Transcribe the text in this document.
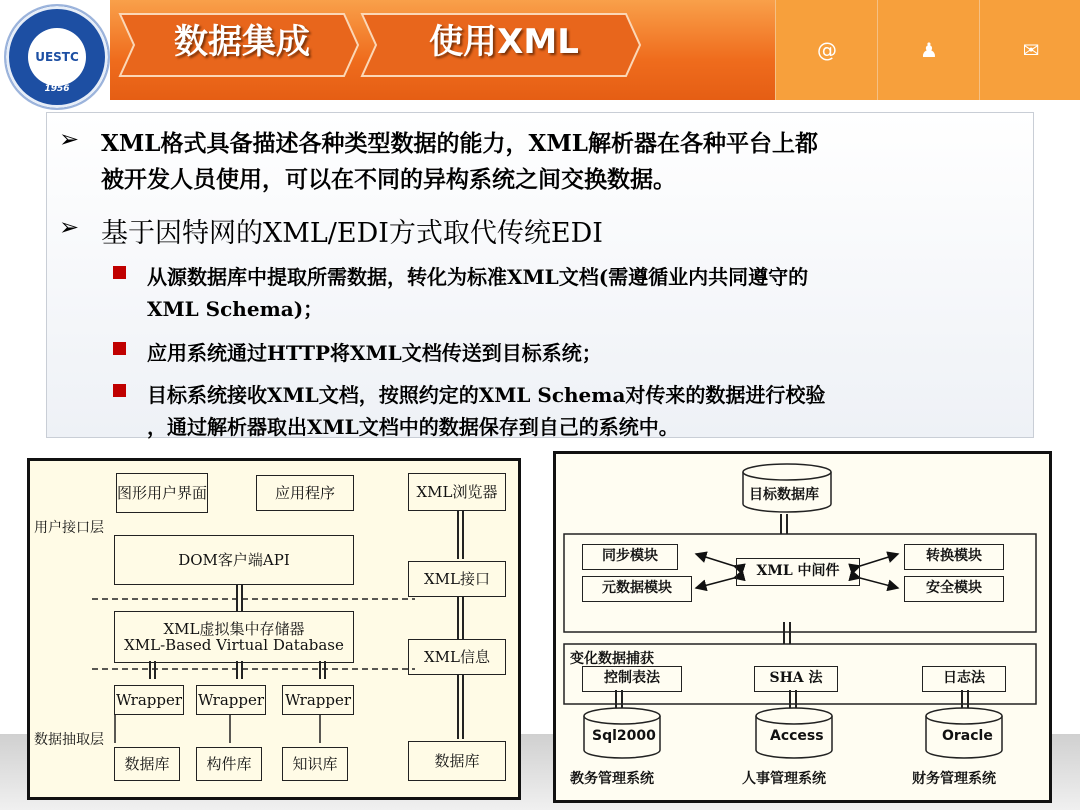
UESTC
1956
数据集成	使用XML	@	♟	✉
➢ XML格式具备描述各种类型数据的能力，XML解析器在各种平台上都
被开发人员使用，可以在不同的异构系统之间交换数据。
➢ 基于因特网的XML/EDI方式取代传统EDI
从源数据库中提取所需数据，转化为标准XML文档(需遵循业内共同遵守的
XML Schema)；
应用系统通过HTTP将XML文档传送到目标系统；
目标系统接收XML文档，按照约定的XML Schema对传来的数据进行校验
，通过解析器取出XML文档中的数据保存到自己的系统中。
图形用户界面	应用程序	XML浏览器
用户接口层
DOM客户端API
XML接口
XML虚拟集中存储器
XML-Based Virtual Database
XML信息
Wrapper Wrapper Wrapper
数据抽取层
数据库	构件库	知识库	数据库
目标数据库
同步模块
元数据模块
XML 中间件
转换模块
安全模块
变化数据捕获
控制表法	SHA 法	日志法
Sql2000	Access	Oracle
教务管理系统	人事管理系统	财务管理系统
